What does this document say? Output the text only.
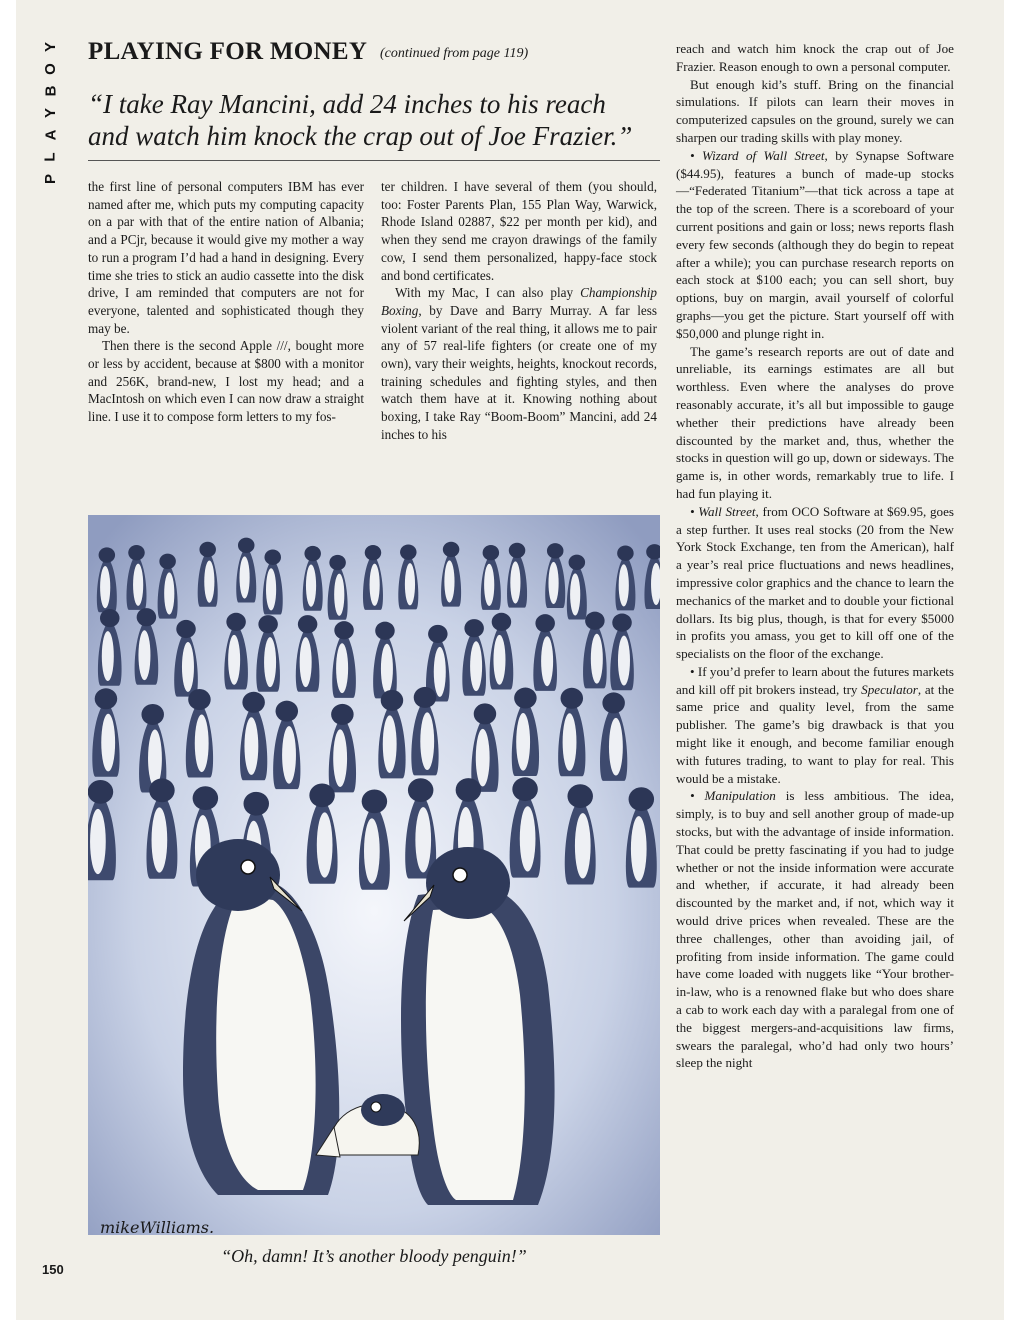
Y
O
B
Y
A
L
P
PLAYING FOR MONEY (continued from page 119)
“I take Ray Mancini, add 24 inches to his reach
and watch him knock the crap out of Joe Frazier.”

the first line of personal computers IBM has ever named after me, which puts my computing capacity on a par with that of the entire nation of Albania; and a PCjr, because it would give my mother a way to run a program I’d had a hand in designing. Every time she tries to stick an audio cassette into the disk drive, I am reminded that computers are not for everyone, talented and sophisticated though they may be.

Then there is the second Apple ///, bought more or less by accident, because at $800 with a monitor and 256K, brand-new, I lost my head; and a MacIntosh on which even I can now draw a straight line. I use it to compose form letters to my fos-

ter children. I have several of them (you should, too: Foster Parents Plan, 155 Plan Way, Warwick, Rhode Island 02887, $22 per month per kid), and when they send me crayon drawings of the family cow, I send them personalized, happy-face stock and bond certificates.

With my Mac, I can also play Championship Boxing, by Dave and Barry Murray. A far less violent variant of the real thing, it allows me to pair any of 57 real-life fighters (or create one of my own), vary their weights, heights, knockout records, training schedules and fighting styles, and then watch them have at it. Knowing nothing about boxing, I take Ray “Boom-Boom” Mancini, add 24 inches to his

reach and watch him knock the crap out of Joe Frazier. Reason enough to own a personal computer.

But enough kid’s stuff. Bring on the financial simulations. If pilots can learn their moves in computerized capsules on the ground, surely we can sharpen our trading skills with play money.

• Wizard of Wall Street, by Synapse Software ($44.95), features a bunch of made-up stocks—“Federated Titanium”—that tick across a tape at the top of the screen. There is a scoreboard of your current positions and gain or loss; news reports flash every few seconds (although they do begin to repeat after a while); you can purchase research reports on each stock at $100 each; you can sell short, buy options, buy on margin, avail yourself of colorful graphs—you get the picture. Start yourself off with $50,000 and plunge right in.

The game’s research reports are out of date and unreliable, its earnings estimates are all but worthless. Even where the analyses do prove reasonably accurate, it’s all but impossible to gauge whether their predictions have already been discounted by the market and, thus, whether the stocks in question will go up, down or sideways. The game is, in other words, remarkably true to life. I had fun playing it.

• Wall Street, from OCO Software at $69.95, goes a step further. It uses real stocks (20 from the New York Stock Exchange, ten from the American), half a year’s real price fluctuations and news headlines, impressive color graphics and the chance to learn the mechanics of the market and to double your fictional dollars. Its big plus, though, is that for every $5000 in profits you amass, you get to kill off one of the specialists on the floor of the exchange.

• If you’d prefer to learn about the futures markets and kill off pit brokers instead, try Speculator, at the same price and quality level, from the same publisher. The game’s big drawback is that you might like it enough, and become familiar enough with futures trading, to want to play for real. This would be a mistake.

• Manipulation is less ambitious. The idea, simply, is to buy and sell another group of made-up stocks, but with the advantage of inside information. That could be pretty fascinating if you had to judge whether or not the inside information were accurate and whether, if accurate, it had already been discounted by the market and, if not, which way it would drive prices when revealed. These are the three challenges, other than avoiding jail, of profiting from inside information. The game could have come loaded with nuggets like “Your brother-in-law, who is a renowned flake but who does share a cab to work each day with a paralegal from one of the biggest mergers-and-acquisitions law firms, swears the paralegal, who’d had only two hours’ sleep the night

mikeWilliams.
“Oh, damn! It’s another bloody penguin!”
150
